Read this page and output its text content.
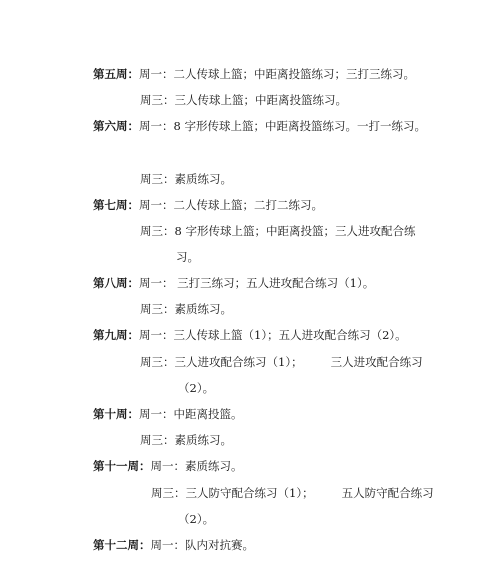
第五周：周一：二人传球上篮；中距离投篮练习；三打三练习。
周三：三人传球上篮；中距离投篮练习。
第六周：周一：8 字形传球上篮；中距离投篮练习。一打一练习。
周三：素质练习。
第七周：周一：二人传球上篮；二打二练习。
周三：8 字形传球上篮；中距离投篮；三人进攻配合练
习。
第八周：周一： 三打三练习；五人进攻配合练习（1）。
周三：素质练习。
第九周：周一：三人传球上篮（1）；五人进攻配合练习（2）。
周三：三人进攻配合练习（1）； 三人进攻配合练习
（2）。
第十周：周一：中距离投篮。
周三：素质练习。
第十一周：周一：素质练习。
周三：三人防守配合练习（1）； 五人防守配合练习
（2）。
第十二周：周一：队内对抗赛。
